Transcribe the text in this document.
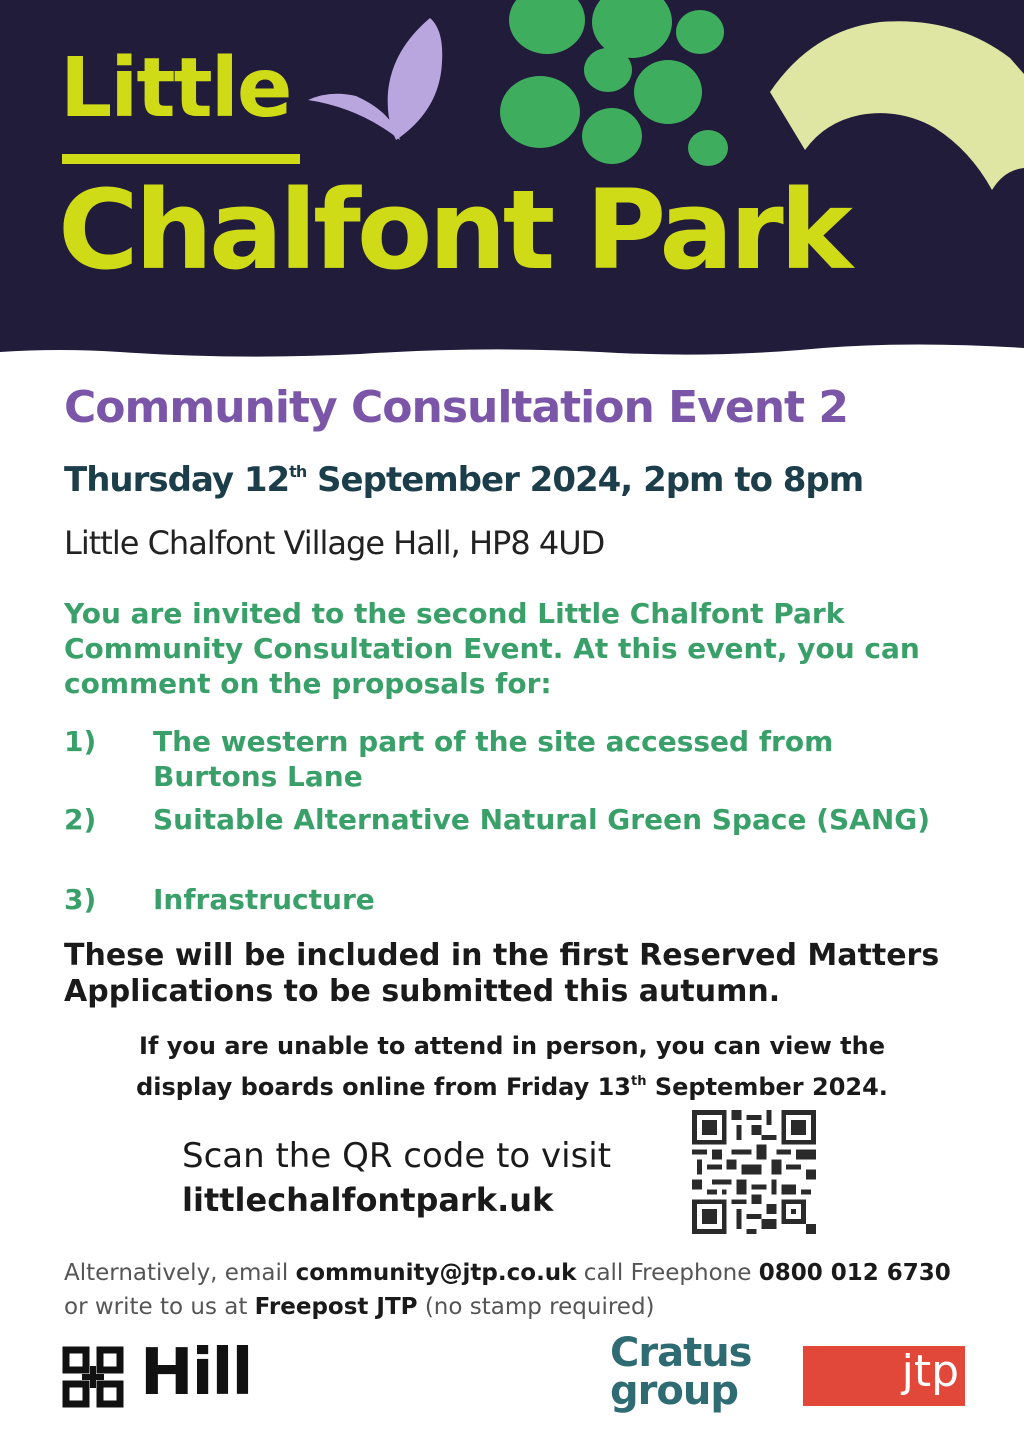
Little
Chalfont Park
Community Consultation Event 2
Thursday 12th September 2024, 2pm to 8pm
Little Chalfont Village Hall, HP8 4UD
You are invited to the second Little Chalfont Park Community Consultation Event. At this event, you can comment on the proposals for:
1)	The western part of the site accessed from Burtons Lane
2)	Suitable Alternative Natural Green Space (SANG)
3)	Infrastructure
These will be included in the first Reserved Matters Applications to be submitted this autumn.
If you are unable to attend in person, you can view the
display boards online from Friday 13th September 2024.
Scan the QR code to visit
littlechalfontpark.uk
Alternatively, email community@jtp.co.uk call Freephone 0800 012 6730 or write to us at Freepost JTP (no stamp required)
Hill	Cratus
group	jtp
